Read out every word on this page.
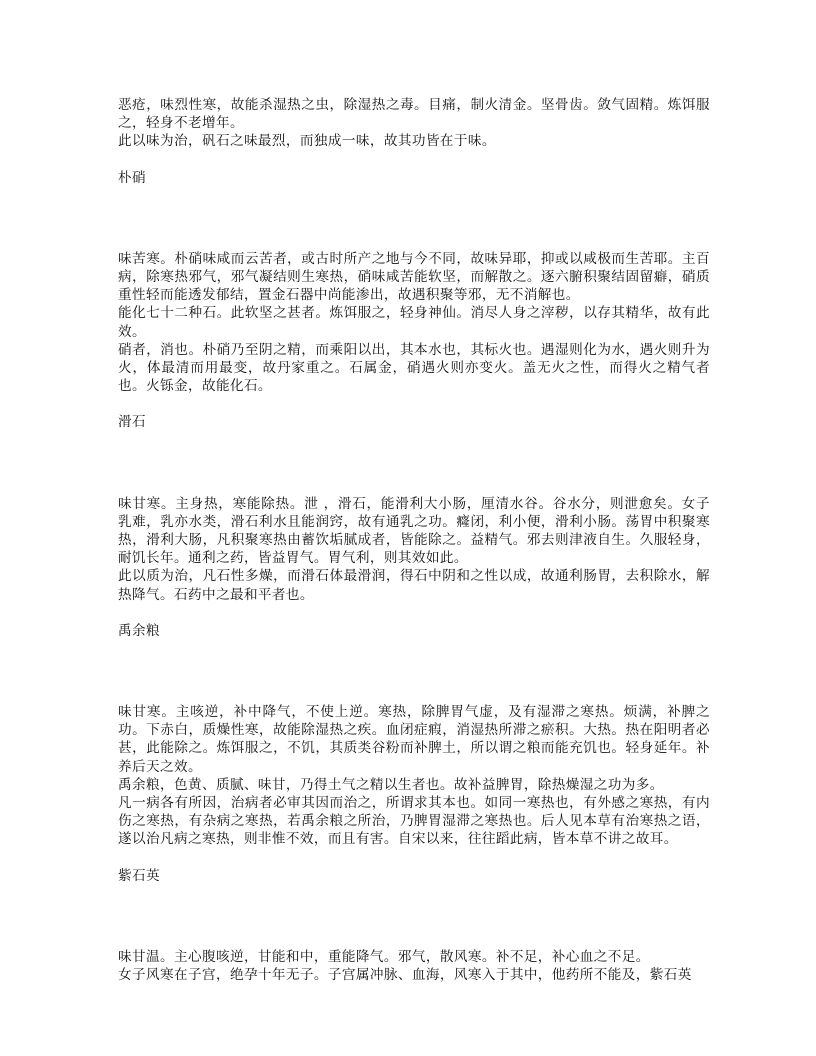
恶疮，味烈性寒，故能杀湿热之虫，除湿热之毒。目痛，制火清金。坚骨齿。敛气固精。炼饵服之，轻身不老增年。

此以味为治，矾石之味最烈，而独成一味，故其功皆在于味。

朴硝

味苦寒。朴硝味咸而云苦者，或古时所产之地与今不同，故味异耶，抑或以咸极而生苦耶。主百病，除寒热邪气，邪气凝结则生寒热，硝味咸苦能软坚，而解散之。逐六腑积聚结固留癖，硝质重性轻而能透发郁结，置金石器中尚能渗出，故遇积聚等邪，无不消解也。

能化七十二种石。此软坚之甚者。炼饵服之，轻身神仙。消尽人身之滓秽，以存其精华，故有此效。

硝者，消也。朴硝乃至阴之精，而乘阳以出，其本水也，其标火也。遇湿则化为水，遇火则升为火，体最清而用最变，故丹家重之。石属金，硝遇火则亦变火。盖无火之性，而得火之精气者也。火铄金，故能化石。

滑石

味甘寒。主身热，寒能除热。泄 ，滑石，能滑利大小肠，厘清水谷。谷水分，则泄愈矣。女子乳难，乳亦水类，滑石利水且能润窍，故有通乳之功。癃闭，利小便，滑利小肠。荡胃中积聚寒热，滑利大肠，凡积聚寒热由蓄饮垢腻成者，皆能除之。益精气。邪去则津液自生。久服轻身，耐饥长年。通利之药，皆益胃气。胃气利，则其效如此。

此以质为治，凡石性多燥，而滑石体最滑润，得石中阴和之性以成，故通利肠胃，去积除水，解热降气。石药中之最和平者也。

禹余粮

味甘寒。主咳逆，补中降气，不使上逆。寒热，除脾胃气虚，及有湿滞之寒热。烦满，补脾之功。下赤白，质燥性寒，故能除湿热之疾。血闭症瘕，消湿热所滞之瘀积。大热。热在阳明者必甚，此能除之。炼饵服之，不饥，其质类谷粉而补脾土，所以谓之粮而能充饥也。轻身延年。补养后天之效。

禹余粮，色黄、质腻、味甘，乃得土气之精以生者也。故补益脾胃，除热燥湿之功为多。

凡一病各有所因，治病者必审其因而治之，所谓求其本也。如同一寒热也，有外感之寒热，有内伤之寒热，有杂病之寒热，若禹余粮之所治，乃脾胃湿滞之寒热也。后人见本草有治寒热之语，遂以治凡病之寒热，则非惟不效，而且有害。自宋以来，往往蹈此病，皆本草不讲之故耳。

紫石英

味甘温。主心腹咳逆，甘能和中，重能降气。邪气，散风寒。补不足，补心血之不足。

女子风寒在子宫，绝孕十年无子。子宫属冲脉、血海，风寒入于其中，他药所不能及，紫石英
